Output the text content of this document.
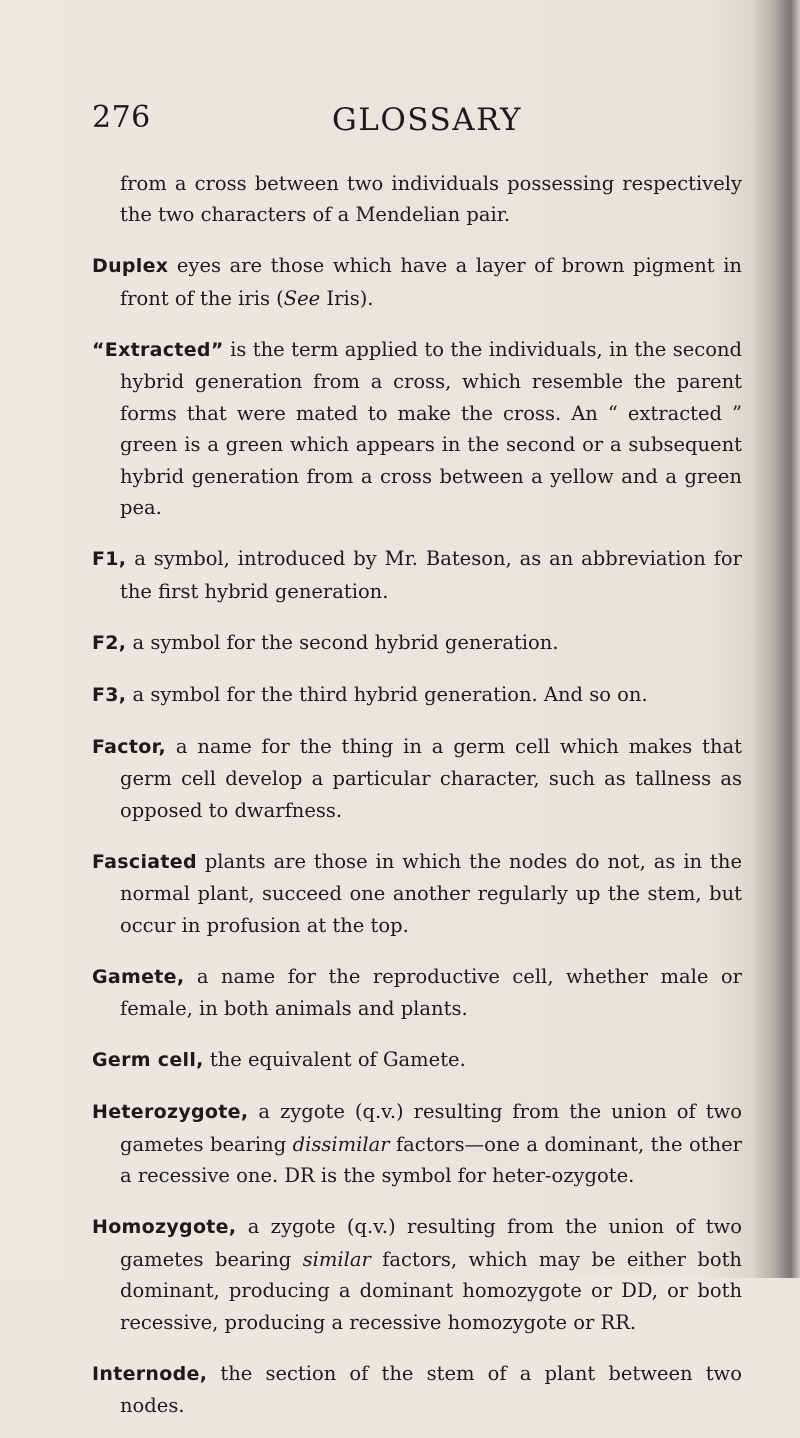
276	GLOSSARY

from a cross between two individuals possessing respectively the two characters of a Mendelian pair.

Duplex eyes are those which have a layer of brown pigment in front of the iris (See Iris).

“Extracted” is the term applied to the individuals, in the second hybrid generation from a cross, which resemble the parent forms that were mated to make the cross. An “ extracted ” green is a green which appears in the second or a subsequent hybrid generation from a cross between a yellow and a green pea.

F1, a symbol, introduced by Mr. Bateson, as an abbreviation for the first hybrid generation.

F2, a symbol for the second hybrid generation.

F3, a symbol for the third hybrid generation. And so on.

Factor, a name for the thing in a germ cell which makes that germ cell develop a particular character, such as tallness as opposed to dwarfness.

Fasciated plants are those in which the nodes do not, as in the normal plant, succeed one another regularly up the stem, but occur in profusion at the top.

Gamete, a name for the reproductive cell, whether male or female, in both animals and plants.

Germ cell, the equivalent of Gamete.

Heterozygote, a zygote (q.v.) resulting from the union of two gametes bearing dissimilar factors—one a dominant, the other a recessive one. DR is the symbol for heter-ozygote.

Homozygote, a zygote (q.v.) resulting from the union of two gametes bearing similar factors, which may be either both dominant, producing a dominant homozygote or DD, or both recessive, producing a recessive homozygote or RR.

Internode, the section of the stem of a plant between two nodes.
